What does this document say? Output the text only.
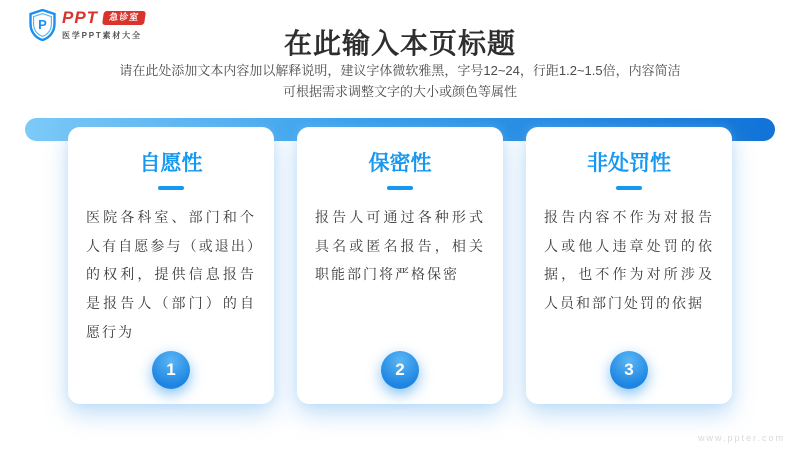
P PPT	急诊室
医学PPT素材大全	在此输入本页标题
请在此处添加文本内容加以解释说明，建议字体微软雅黑，字号12~24，行距1.2~1.5倍，内容简洁
可根据需求调整文字的大小或颜色等属性
自愿性
医院各科室、部门和个人有自愿参与（或退出）的权利，提供信息报告是报告人（部门）的自愿行为
1
保密性
报告人可通过各种形式具名或匿名报告，相关职能部门将严格保密
2
非处罚性
报告内容不作为对报告人或他人违章处罚的依据，也不作为对所涉及人员和部门处罚的依据
3
www.ppter.com
